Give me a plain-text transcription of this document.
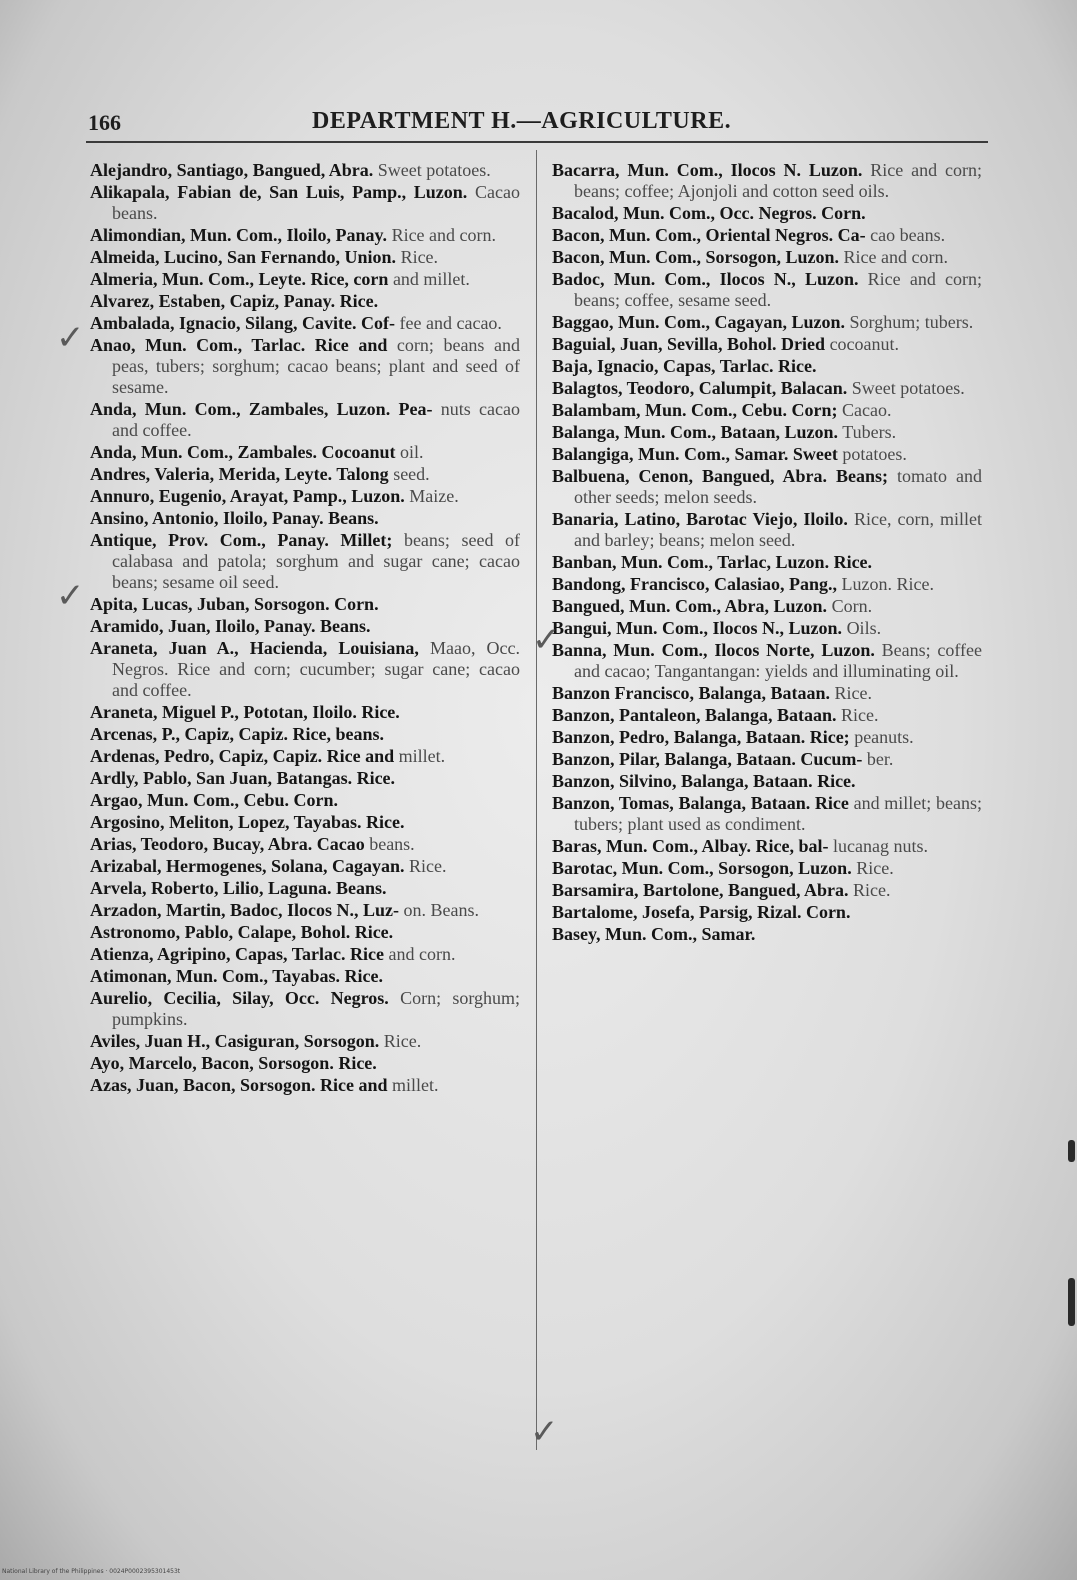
166	DEPARTMENT H.—AGRICULTURE.
Alejandro, Santiago, Bangued, Abra. Sweet potatoes.
Alikapala, Fabian de, San Luis, Pamp., Luzon. Cacao beans.
Alimondian, Mun. Com., Iloilo, Panay. Rice and corn.
Almeida, Lucino, San Fernando, Union. Rice.
Almeria, Mun. Com., Leyte. Rice, corn and millet.
Alvarez, Estaben, Capiz, Panay. Rice.
Ambalada, Ignacio, Silang, Cavite. Cof- fee and cacao.
Anao, Mun. Com., Tarlac. Rice and corn; beans and peas, tubers; sorghum; cacao beans; plant and seed of sesame.
Anda, Mun. Com., Zambales, Luzon. Pea- nuts cacao and coffee.
Anda, Mun. Com., Zambales. Cocoanut oil.
Andres, Valeria, Merida, Leyte. Talong seed.
Annuro, Eugenio, Arayat, Pamp., Luzon. Maize.
Ansino, Antonio, Iloilo, Panay. Beans.
Antique, Prov. Com., Panay. Millet; beans; seed of calabasa and patola; sorghum and sugar cane; cacao beans; sesame oil seed.
Apita, Lucas, Juban, Sorsogon. Corn.
Aramido, Juan, Iloilo, Panay. Beans.
Araneta, Juan A., Hacienda, Louisiana, Maao, Occ. Negros. Rice and corn; cucumber; sugar cane; cacao and coffee.
Araneta, Miguel P., Pototan, Iloilo. Rice.
Arcenas, P., Capiz, Capiz. Rice, beans.
Ardenas, Pedro, Capiz, Capiz. Rice and millet.
Ardly, Pablo, San Juan, Batangas. Rice.
Argao, Mun. Com., Cebu. Corn.
Argosino, Meliton, Lopez, Tayabas. Rice.
Arias, Teodoro, Bucay, Abra. Cacao beans.
Arizabal, Hermogenes, Solana, Cagayan. Rice.
Arvela, Roberto, Lilio, Laguna. Beans.
Arzadon, Martin, Badoc, Ilocos N., Luz- on. Beans.
Astronomo, Pablo, Calape, Bohol. Rice.
Atienza, Agripino, Capas, Tarlac. Rice and corn.
Atimonan, Mun. Com., Tayabas. Rice.
Aurelio, Cecilia, Silay, Occ. Negros. Corn; sorghum; pumpkins.
Aviles, Juan H., Casiguran, Sorsogon. Rice.
Ayo, Marcelo, Bacon, Sorsogon. Rice.
Azas, Juan, Bacon, Sorsogon. Rice and millet.
Bacarra, Mun. Com., Ilocos N. Luzon. Rice and corn; beans; coffee; Ajonjoli and cotton seed oils.
Bacalod, Mun. Com., Occ. Negros. Corn.
Bacon, Mun. Com., Oriental Negros. Ca- cao beans.
Bacon, Mun. Com., Sorsogon, Luzon. Rice and corn.
Badoc, Mun. Com., Ilocos N., Luzon. Rice and corn; beans; coffee, sesame seed.
Baggao, Mun. Com., Cagayan, Luzon. Sorghum; tubers.
Baguial, Juan, Sevilla, Bohol. Dried cocoanut.
Baja, Ignacio, Capas, Tarlac. Rice.
Balagtos, Teodoro, Calumpit, Balacan. Sweet potatoes.
Balambam, Mun. Com., Cebu. Corn; Cacao.
Balanga, Mun. Com., Bataan, Luzon. Tubers.
Balangiga, Mun. Com., Samar. Sweet potatoes.
Balbuena, Cenon, Bangued, Abra. Beans; tomato and other seeds; melon seeds.
Banaria, Latino, Barotac Viejo, Iloilo. Rice, corn, millet and barley; beans; melon seed.
Banban, Mun. Com., Tarlac, Luzon. Rice.
Bandong, Francisco, Calasiao, Pang., Luzon. Rice.
Bangued, Mun. Com., Abra, Luzon. Corn.
Bangui, Mun. Com., Ilocos N., Luzon. Oils.
Banna, Mun. Com., Ilocos Norte, Luzon. Beans; coffee and cacao; Tangantangan: yields and illuminating oil.
Banzon Francisco, Balanga, Bataan. Rice.
Banzon, Pantaleon, Balanga, Bataan. Rice.
Banzon, Pedro, Balanga, Bataan. Rice; peanuts.
Banzon, Pilar, Balanga, Bataan. Cucum- ber.
Banzon, Silvino, Balanga, Bataan. Rice.
Banzon, Tomas, Balanga, Bataan. Rice and millet; beans; tubers; plant used as condiment.
Baras, Mun. Com., Albay. Rice, bal- lucanag nuts.
Barotac, Mun. Com., Sorsogon, Luzon. Rice.
Barsamira, Bartolone, Bangued, Abra. Rice.
Bartalome, Josefa, Parsig, Rizal. Corn.
Basey, Mun. Com., Samar.
✓
✓
✓
✓
National Library of the Philippines · 0024P0002395301453t
